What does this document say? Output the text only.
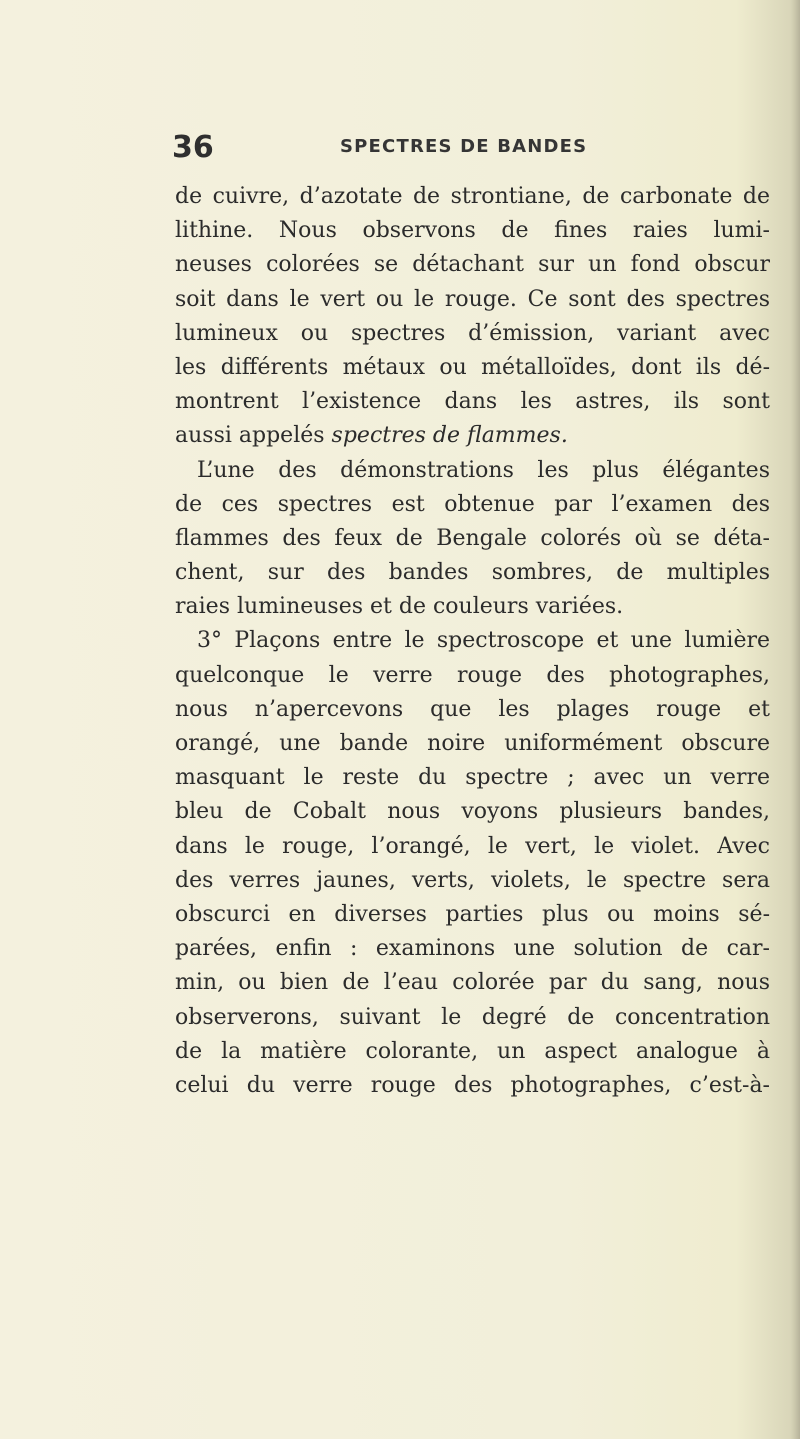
36	SPECTRES DE BANDES
de cuivre, d’azotate de strontiane, de carbonate de
lithine. Nous observons de fines raies lumi-
neuses colorées se détachant sur un fond obscur
soit dans le vert ou le rouge. Ce sont des spectres
lumineux ou spectres d’émission, variant avec
les différents métaux ou métalloïdes, dont ils dé-
montrent l’existence dans les astres, ils sont
aussi appelés spectres de flammes.
L’une des démonstrations les plus élégantes
de ces spectres est obtenue par l’examen des
flammes des feux de Bengale colorés où se déta-
chent, sur des bandes sombres, de multiples
raies lumineuses et de couleurs variées.
3° Plaçons entre le spectroscope et une lumière
quelconque le verre rouge des photographes,
nous n’apercevons que les plages rouge et
orangé, une bande noire uniformément obscure
masquant le reste du spectre ; avec un verre
bleu de Cobalt nous voyons plusieurs bandes,
dans le rouge, l’orangé, le vert, le violet. Avec
des verres jaunes, verts, violets, le spectre sera
obscurci en diverses parties plus ou moins sé-
parées, enfin : examinons une solution de car-
min, ou bien de l’eau colorée par du sang, nous
observerons, suivant le degré de concentration
de la matière colorante, un aspect analogue à
celui du verre rouge des photographes, c’est-à-
